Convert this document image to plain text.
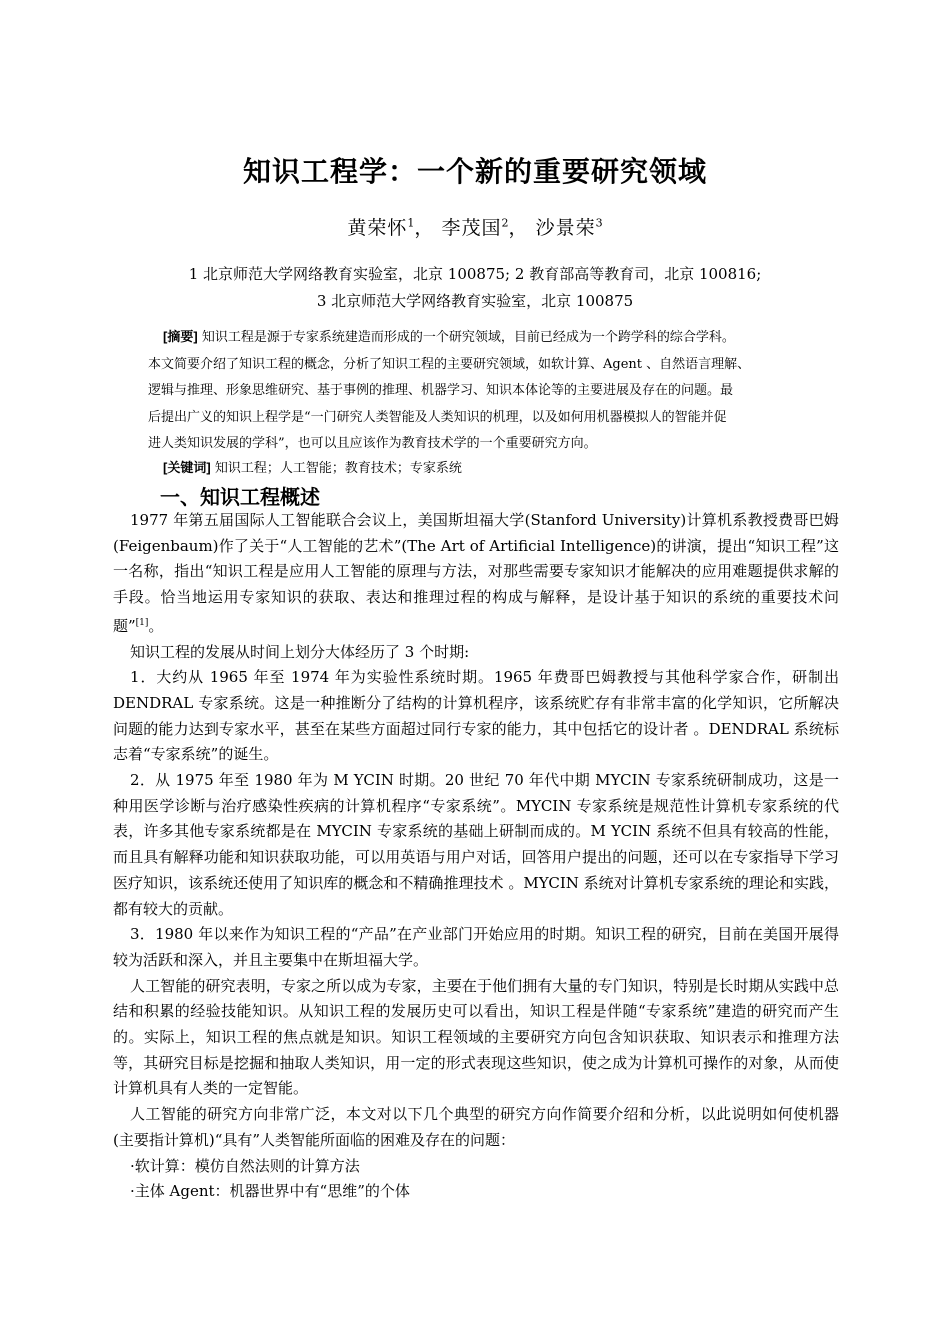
知识工程学：一个新的重要研究领域
黄荣怀$^1$， 李茂国$^2$， 沙景荣$^3$
1 北京师范大学网络教育实验室，北京 100875; 2 教育部高等教育司，北京 100816;
3 北京师范大学网络教育实验室，北京 100875

[摘要] 知识工程是源于专家系统建造而形成的一个研究领域，目前已经成为一个跨学科的综合学科。

本文简要介绍了知识工程的概念，分析了知识工程的主要研究领域，如软计算、Agent 、自然语言理解、

逻辑与推理、形象思维研究、基于事例的推理、机器学习、知识本体论等的主要进展及存在的问题。最

后提出广义的知识上程学是“一门研究人类智能及人类知识的机理，以及如何用机器模拟人的智能并促

进人类知识发展的学科”，也可以且应该作为教育技术学的一个重要研究方向。

[关键词] 知识工程；人工智能；教育技术；专家系统
一、知识工程概述

1977 年第五届国际人工智能联合会议上，美国斯坦福大学(Stanford University)计算机系教授费哥巴姆(Feigenbaum)作了关于“人工智能的艺术”(The Art of Artificial Intelligence)的讲演，提出“知识工程”这一名称，指出“知识工程是应用人工智能的原理与方法，对那些需要专家知识才能解决的应用难题提供求解的手段。恰当地运用专家知识的获取、表达和推理过程的构成与解释，是设计基于知识的系统的重要技术问题”[1]。

知识工程的发展从时间上划分大体经历了 3 个时期:

1．大约从 1965 年至 1974 年为实验性系统时期。1965 年费哥巴姆教授与其他科学家合作，研制出 DENDRAL 专家系统。这是一种推断分了结构的计算机程序，该系统贮存有非常丰富的化学知识，它所解决问题的能力达到专家水平，甚至在某些方面超过同行专家的能力，其中包括它的设计者 。DENDRAL 系统标志着“专家系统”的诞生。

2．从 1975 年至 1980 年为 M YCIN 时期。20 世纪 70 年代中期 MYCIN 专家系统研制成功，这是一种用医学诊断与治疗感染性疾病的计算机程序“专家系统”。MYCIN 专家系统是规范性计算机专家系统的代表，许多其他专家系统都是在 MYCIN 专家系统的基础上研制而成的。M YCIN 系统不但具有较高的性能，而且具有解释功能和知识获取功能，可以用英语与用户对话，回答用户提出的问题，还可以在专家指导下学习医疗知识，该系统还使用了知识库的概念和不精确推理技术 。MYCIN 系统对计算机专家系统的理论和实践，都有较大的贡献。

3．1980 年以来作为知识工程的“产品”在产业部门开始应用的时期。知识工程的研究，目前在美国开展得较为活跃和深入，并且主要集中在斯坦福大学。

人工智能的研究表明，专家之所以成为专家，主要在于他们拥有大量的专门知识，特别是长时期从实践中总结和积累的经验技能知识。从知识工程的发展历史可以看出，知识工程是伴随“专家系统”建造的研究而产生的。实际上，知识工程的焦点就是知识。知识工程领域的主要研究方向包含知识获取、知识表示和推理方法等，其研究目标是挖掘和抽取人类知识，用一定的形式表现这些知识，使之成为计算机可操作的对象，从而使计算机具有人类的一定智能。

人工智能的研究方向非常广泛，本文对以下几个典型的研究方向作简要介绍和分析，以此说明如何使机器(主要指计算机)“具有”人类智能所面临的困难及存在的问题：

·软计算：模仿自然法则的计算方法

·主体 Agent：机器世界中有“思维”的个体
